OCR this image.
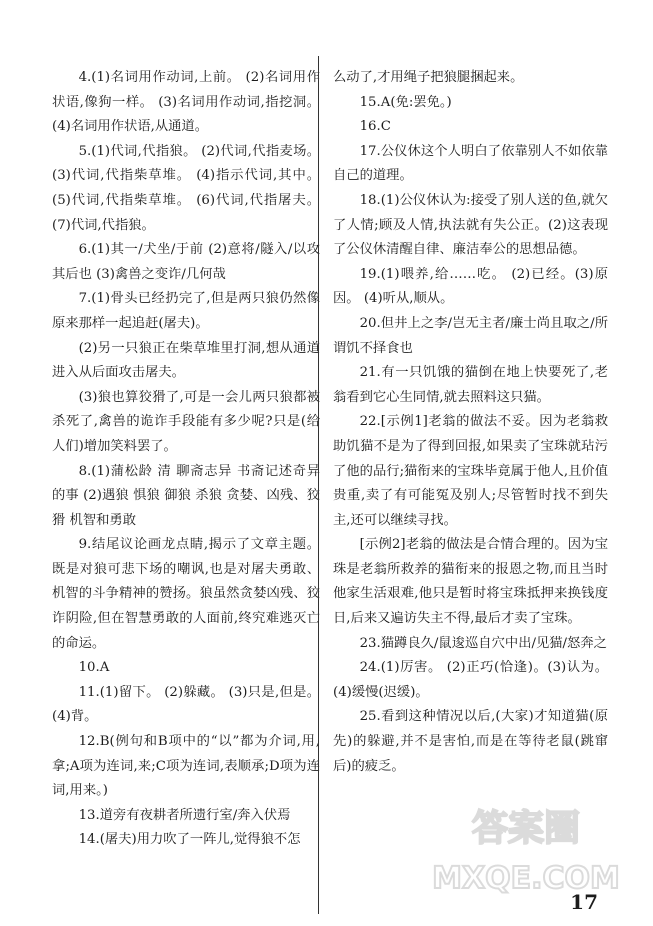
4.(1)名词用作动词,上前。 (2)名词用作状语,像狗一样。 (3)名词用作动词,指挖洞。 (4)名词用作状语,从通道。

5.(1)代词,代指狼。 (2)代词,代指麦场。 (3)代词,代指柴草堆。 (4)指示代词,其中。 (5)代词,代指柴草堆。 (6)代词,代指屠夫。 (7)代词,代指狼。

6.(1)其一/犬坐/于前 (2)意将/隧入/以攻其后也 (3)禽兽之变诈/几何哉

7.(1)骨头已经扔完了,但是两只狼仍然像原来那样一起追赶(屠夫)。

(2)另一只狼正在柴草堆里打洞,想从通道进入从后面攻击屠夫。

(3)狼也算狡猾了,可是一会儿两只狼都被杀死了,禽兽的诡诈手段能有多少呢?只是(给人们)增加笑料罢了。

8.(1)蒲松龄 清 聊斋志异 书斋记述奇异的事 (2)遇狼 惧狼 御狼 杀狼 贪婪、凶残、狡猾 机智和勇敢

9.结尾议论画龙点睛,揭示了文章主题。既是对狼可悲下场的嘲讽,也是对屠夫勇敢、机智的斗争精神的赞扬。狼虽然贪婪凶残、狡诈阴险,但在智慧勇敢的人面前,终究难逃灭亡的命运。

10.A

11.(1)留下。 (2)躲藏。 (3)只是,但是。 (4)背。

12.B(例句和B项中的“以”都为介词,用,拿;A项为连词,来;C项为连词,表顺承;D项为连词,用来。)

13.道旁有夜耕者所遗行室/奔入伏焉

14.(屠夫)用力吹了一阵儿,觉得狼不怎

么动了,才用绳子把狼腿捆起来。

15.A(免:罢免。)

16.C

17.公仪休这个人明白了依靠别人不如依靠自己的道理。

18.(1)公仪休认为:接受了别人送的鱼,就欠了人情;顾及人情,执法就有失公正。(2)这表现了公仪休清醒自律、廉洁奉公的思想品德。

19.(1)喂养,给……吃。 (2)已经。(3)原因。 (4)听从,顺从。

20.但井上之李/岂无主者/廉士尚且取之/所谓饥不择食也

21.有一只饥饿的猫倒在地上快要死了,老翁看到它心生同情,就去照料这只猫。

22.[示例1]老翁的做法不妥。因为老翁救助饥猫不是为了得到回报,如果卖了宝珠就玷污了他的品行;猫衔来的宝珠毕竟属于他人,且价值贵重,卖了有可能冤及别人;尽管暂时找不到失主,还可以继续寻找。

[示例2]老翁的做法是合情合理的。因为宝珠是老翁所救养的猫衔来的报恩之物,而且当时他家生活艰难,他只是暂时将宝珠抵押来换钱度日,后来又遍访失主不得,最后才卖了宝珠。

23.猫蹲良久/鼠逡巡自穴中出/见猫/怒奔之

24.(1)厉害。 (2)正巧(恰逢)。(3)认为。 (4)缓慢(迟缓)。

25.看到这种情况以后,(大家)才知道猫(原先)的躲避,并不是害怕,而是在等待老鼠(跳窜后)的疲乏。

答案圈
MXQE.COM
17
